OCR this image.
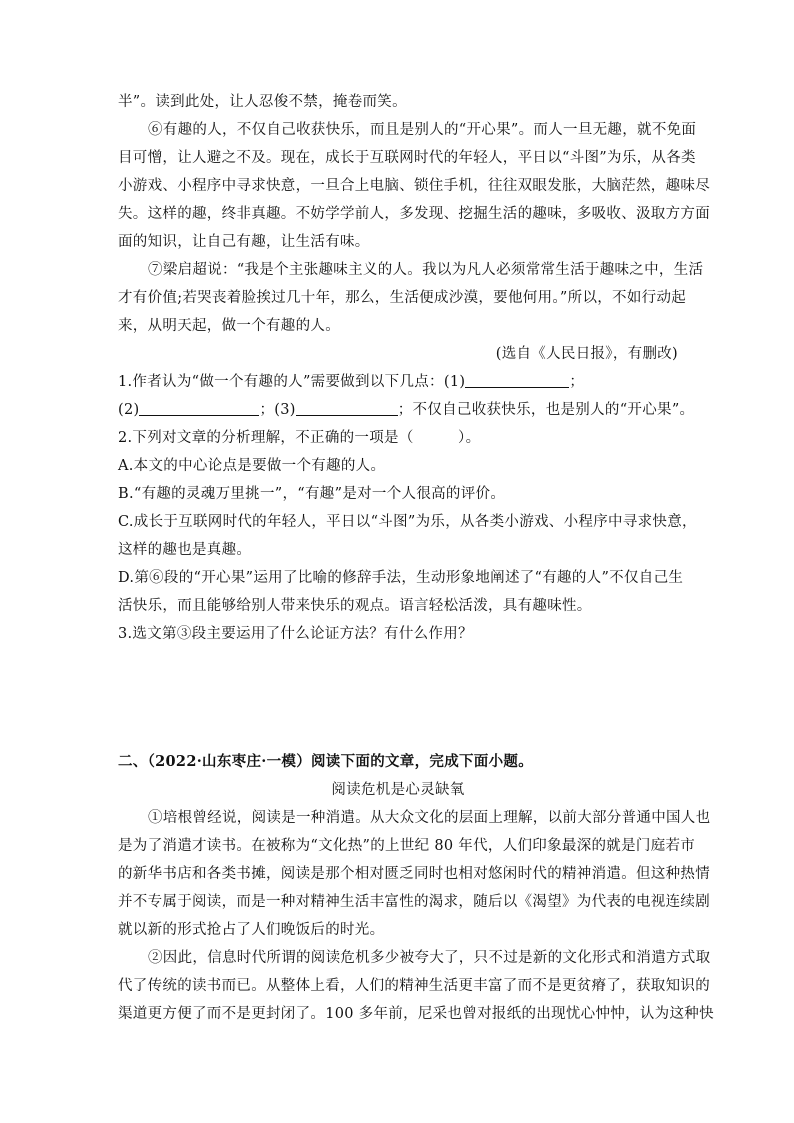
半”。读到此处，让人忍俊不禁，掩卷而笑。
⑥有趣的人，不仅自己收获快乐，而且是别人的“开心果”。而人一旦无趣，就不免面
目可憎，让人避之不及。现在，成长于互联网时代的年轻人，平日以“斗图”为乐，从各类
小游戏、小程序中寻求快意，一旦合上电脑、锁住手机，往往双眼发胀，大脑茫然，趣味尽
失。这样的趣，终非真趣。不妨学学前人，多发现、挖掘生活的趣味，多吸收、汲取方方面
面的知识，让自己有趣，让生活有味。
⑦梁启超说：“我是个主张趣味主义的人。我以为凡人必须常常生活于趣味之中，生活
才有价值;若哭丧着脸挨过几十年，那么，生活便成沙漠，要他何用。”所以，不如行动起
来，从明天起，做一个有趣的人。
(选自《人民日报》，有删改)
1.作者认为“做一个有趣的人”需要做到以下几点：(1)	；
(2)	；(3)	；不仅自己收获快乐，也是别人的“开心果”。
2.下列对文章的分析理解，不正确的一项是（　　　）。
A.本文的中心论点是要做一个有趣的人。
B.“有趣的灵魂万里挑一”，“有趣”是对一个人很高的评价。
C.成长于互联网时代的年轻人，平日以“斗图”为乐，从各类小游戏、小程序中寻求快意，
这样的趣也是真趣。
D.第⑥段的“开心果”运用了比喻的修辞手法，生动形象地阐述了“有趣的人”不仅自己生
活快乐，而且能够给别人带来快乐的观点。语言轻松活泼，具有趣味性。
3.选文第③段主要运用了什么论证方法？有什么作用？
二、（2022·山东枣庄·一模）阅读下面的文章，完成下面小题。
阅读危机是心灵缺氧
①培根曾经说，阅读是一种消遣。从大众文化的层面上理解，以前大部分普通中国人也
是为了消遣才读书。在被称为“文化热”的上世纪 80 年代，人们印象最深的就是门庭若市
的新华书店和各类书摊，阅读是那个相对匮乏同时也相对悠闲时代的精神消遣。但这种热情
并不专属于阅读，而是一种对精神生活丰富性的渴求，随后以《渴望》为代表的电视连续剧
就以新的形式抢占了人们晚饭后的时光。
②因此，信息时代所谓的阅读危机多少被夸大了，只不过是新的文化形式和消遣方式取
代了传统的读书而已。从整体上看，人们的精神生活更丰富了而不是更贫瘠了，获取知识的
渠道更方便了而不是更封闭了。100 多年前，尼采也曾对报纸的出现忧心忡忡，认为这种快
